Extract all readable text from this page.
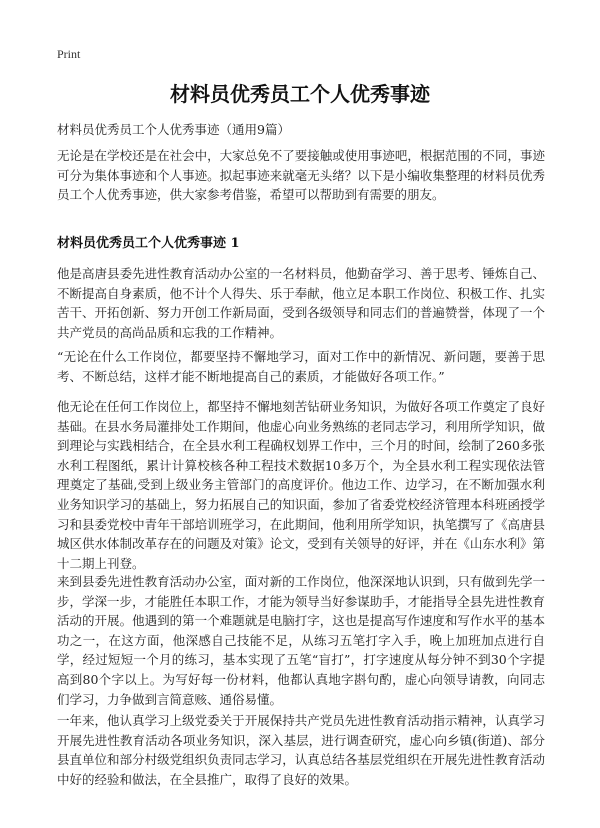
Print
材料员优秀员工个人优秀事迹
材料员优秀员工个人优秀事迹（通用9篇）

无论是在学校还是在社会中，大家总免不了要接触或使用事迹吧，根据范围的不同，事迹可分为集体事迹和个人事迹。拟起事迹来就毫无头绪？以下是小编收集整理的材料员优秀员工个人优秀事迹，供大家参考借鉴，希望可以帮助到有需要的朋友。

材料员优秀员工个人优秀事迹 1

他是高唐县委先进性教育活动办公室的一名材料员，他勤奋学习、善于思考、锤炼自己、不断提高自身素质，他不计个人得失、乐于奉献，他立足本职工作岗位、积极工作、扎实苦干、开拓创新、努力开创工作新局面，受到各级领导和同志们的普遍赞誉，体现了一个共产党员的高尚品质和忘我的工作精神。

“无论在什么工作岗位，都要坚持不懈地学习，面对工作中的新情况、新问题，要善于思考、不断总结，这样才能不断地提高自己的素质，才能做好各项工作。”

他无论在任何工作岗位上，都坚持不懈地刻苦钻研业务知识，为做好各项工作奠定了良好基础。在县水务局灌排处工作期间，他虚心向业务熟练的老同志学习，利用所学知识，做到理论与实践相结合，在全县水利工程确权划界工作中，三个月的时间，绘制了260多张水利工程图纸，累计计算校核各种工程技术数据10多万个，为全县水利工程实现依法管理奠定了基础,受到上级业务主管部门的高度评价。他边工作、边学习，在不断加强水利业务知识学习的基础上，努力拓展自己的知识面，参加了省委党校经济管理本科班函授学习和县委党校中青年干部培训班学习，在此期间，他利用所学知识，执笔撰写了《高唐县城区供水体制改革存在的问题及对策》论文，受到有关领导的好评，并在《山东水利》第十二期上刊登。

来到县委先进性教育活动办公室，面对新的工作岗位，他深深地认识到，只有做到先学一步，学深一步，才能胜任本职工作，才能为领导当好参谋助手，才能指导全县先进性教育活动的开展。他遇到的第一个难题就是电脑打字，这也是提高写作速度和写作水平的基本功之一，在这方面，他深感自己技能不足，从练习五笔打字入手，晚上加班加点进行自学，经过短短一个月的练习，基本实现了五笔“盲打”，打字速度从每分钟不到30个字提高到80个字以上。为写好每一份材料，他都认真地字斟句酌，虚心向领导请教，向同志们学习，力争做到言简意赅、通俗易懂。

一年来，他认真学习上级党委关于开展保持共产党员先进性教育活动指示精神，认真学习开展先进性教育活动各项业务知识，深入基层，进行调查研究，虚心向乡镇(街道)、部分县直单位和部分村级党组织负责同志学习，认真总结各基层党组织在开展先进性教育活动中好的经验和做法，在全县推广，取得了良好的效果。
